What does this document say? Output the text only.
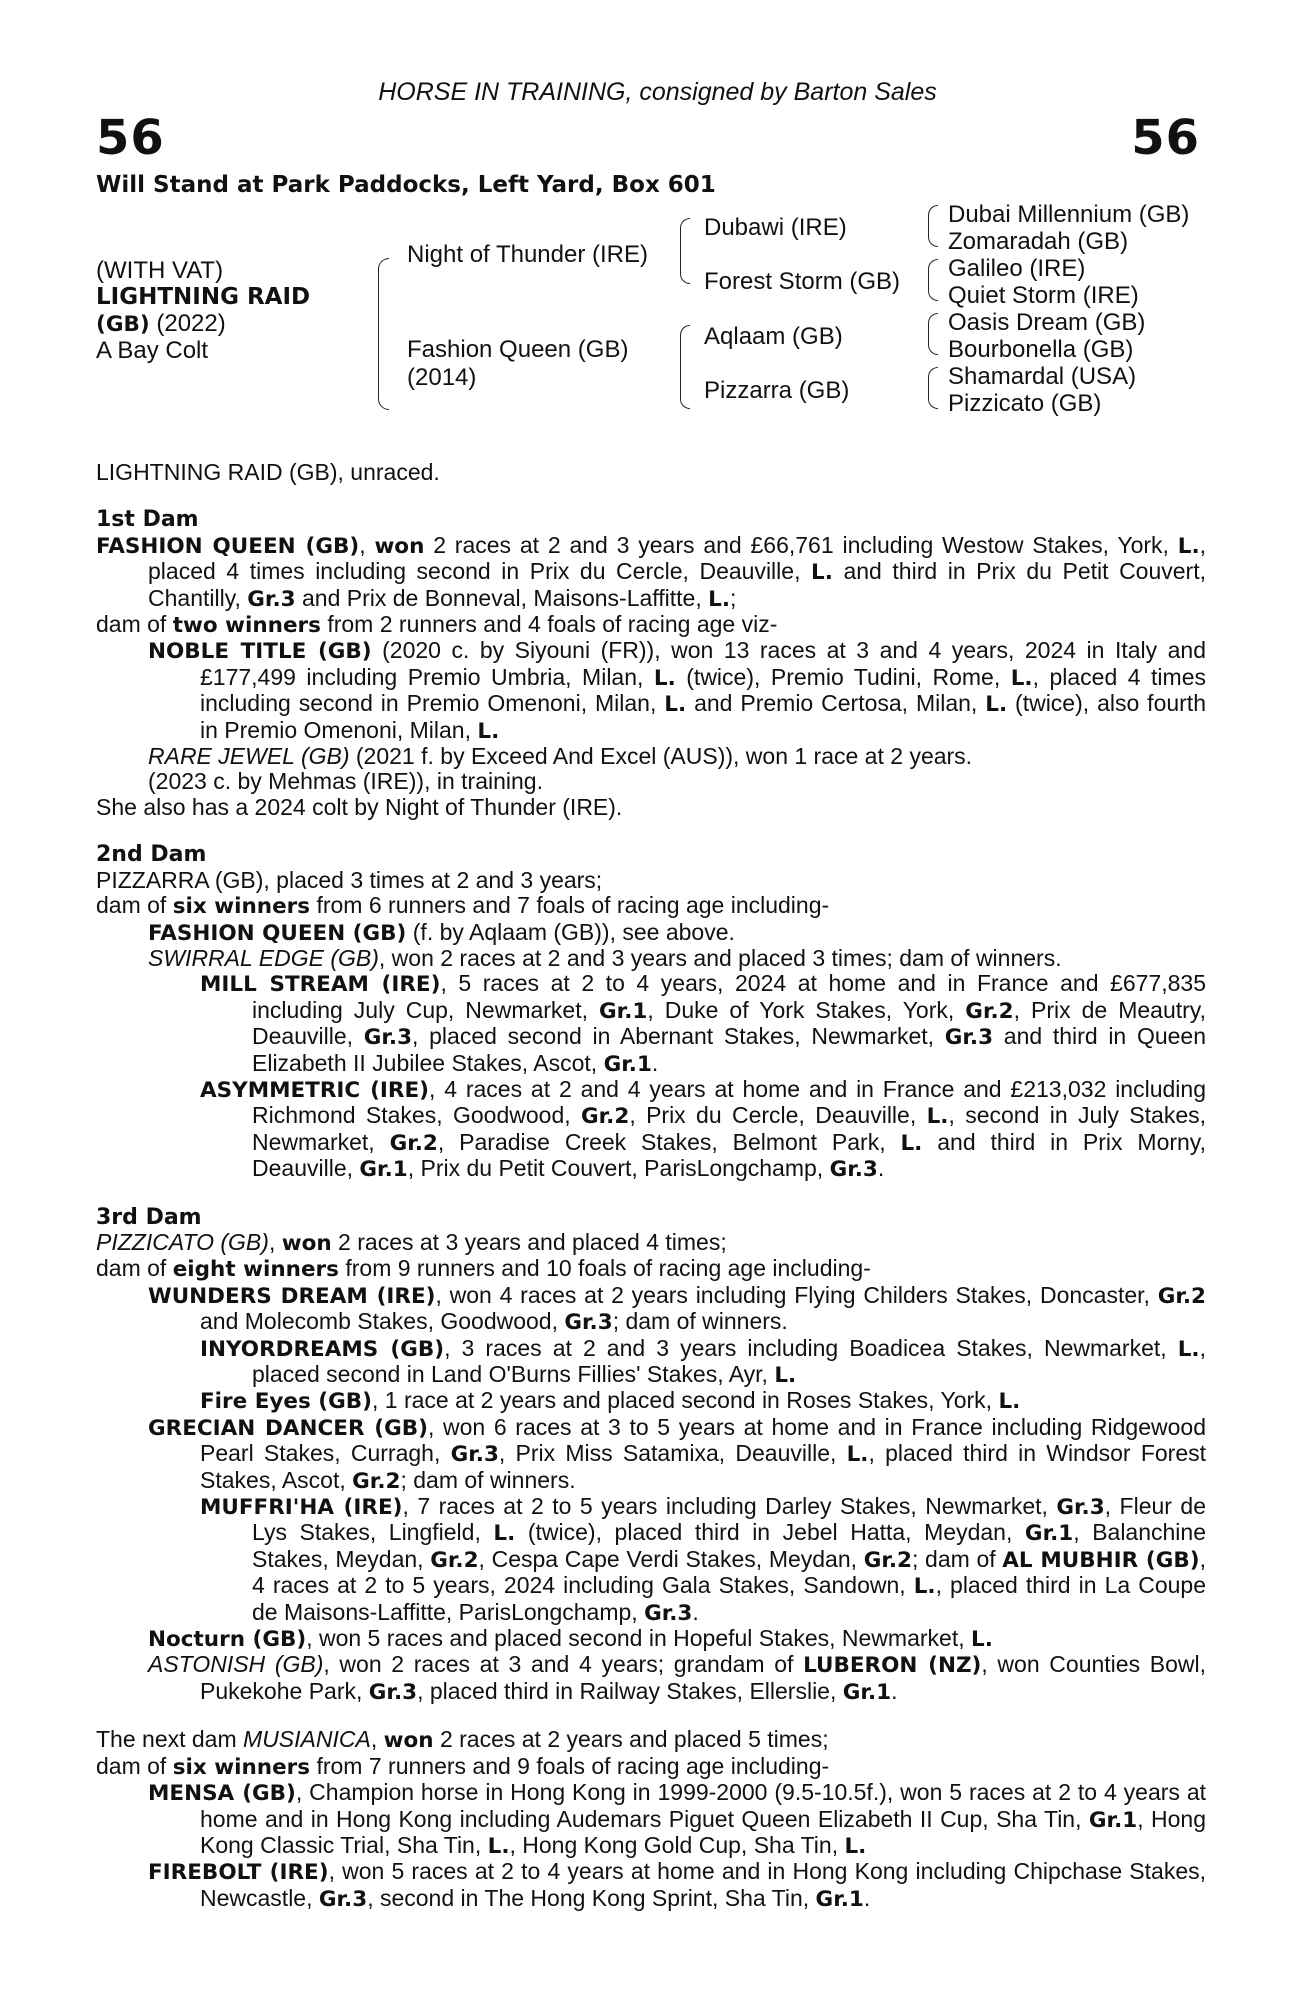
HORSE IN TRAINING, consigned by Barton Sales
56	56
Will Stand at Park Paddocks, Left Yard, Box 601
(WITH VAT)
LIGHTNING RAID
(GB) (2022)
A Bay Colt
Night of Thunder (IRE)
Fashion Queen (GB)
(2014)
Dubawi (IRE)
Forest Storm (GB)
Aqlaam (GB)
Pizzarra (GB)
Dubai Millennium (GB)
Zomaradah (GB)
Galileo (IRE)
Quiet Storm (IRE)
Oasis Dream (GB)
Bourbonella (GB)
Shamardal (USA)
Pizzicato (GB)

LIGHTNING RAID (GB), unraced.

1st Dam

FASHION QUEEN (GB), won 2 races at 2 and 3 years and £66,761 including Westow Stakes, York, L., placed 4 times including second in Prix du Cercle, Deauville, L. and third in Prix du Petit Couvert, Chantilly, Gr.3 and Prix de Bonneval, Maisons-Laffitte, L.;

dam of two winners from 2 runners and 4 foals of racing age viz-

NOBLE TITLE (GB) (2020 c. by Siyouni (FR)), won 13 races at 3 and 4 years, 2024 in Italy and £177,499 including Premio Umbria, Milan, L. (twice), Premio Tudini, Rome, L., placed 4 times including second in Premio Omenoni, Milan, L. and Premio Certosa, Milan, L. (twice), also fourth in Premio Omenoni, Milan, L.

RARE JEWEL (GB) (2021 f. by Exceed And Excel (AUS)), won 1 race at 2 years.

(2023 c. by Mehmas (IRE)), in training.

She also has a 2024 colt by Night of Thunder (IRE).

2nd Dam

PIZZARRA (GB), placed 3 times at 2 and 3 years;

dam of six winners from 6 runners and 7 foals of racing age including-

FASHION QUEEN (GB) (f. by Aqlaam (GB)), see above.

SWIRRAL EDGE (GB), won 2 races at 2 and 3 years and placed 3 times; dam of winners.

MILL STREAM (IRE), 5 races at 2 to 4 years, 2024 at home and in France and £677,835 including July Cup, Newmarket, Gr.1, Duke of York Stakes, York, Gr.2, Prix de Meautry, Deauville, Gr.3, placed second in Abernant Stakes, Newmarket, Gr.3 and third in Queen Elizabeth II Jubilee Stakes, Ascot, Gr.1.

ASYMMETRIC (IRE), 4 races at 2 and 4 years at home and in France and £213,032 including Richmond Stakes, Goodwood, Gr.2, Prix du Cercle, Deauville, L., second in July Stakes, Newmarket, Gr.2, Paradise Creek Stakes, Belmont Park, L. and third in Prix Morny, Deauville, Gr.1, Prix du Petit Couvert, ParisLongchamp, Gr.3.

3rd Dam

PIZZICATO (GB), won 2 races at 3 years and placed 4 times;

dam of eight winners from 9 runners and 10 foals of racing age including-

WUNDERS DREAM (IRE), won 4 races at 2 years including Flying Childers Stakes, Doncaster, Gr.2 and Molecomb Stakes, Goodwood, Gr.3; dam of winners.

INYORDREAMS (GB), 3 races at 2 and 3 years including Boadicea Stakes, Newmarket, L., placed second in Land O'Burns Fillies' Stakes, Ayr, L.

Fire Eyes (GB), 1 race at 2 years and placed second in Roses Stakes, York, L.

GRECIAN DANCER (GB), won 6 races at 3 to 5 years at home and in France including Ridgewood Pearl Stakes, Curragh, Gr.3, Prix Miss Satamixa, Deauville, L., placed third in Windsor Forest Stakes, Ascot, Gr.2; dam of winners.

MUFFRI'HA (IRE), 7 races at 2 to 5 years including Darley Stakes, Newmarket, Gr.3, Fleur de Lys Stakes, Lingfield, L. (twice), placed third in Jebel Hatta, Meydan, Gr.1, Balanchine Stakes, Meydan, Gr.2, Cespa Cape Verdi Stakes, Meydan, Gr.2; dam of AL MUBHIR (GB), 4 races at 2 to 5 years, 2024 including Gala Stakes, Sandown, L., placed third in La Coupe de Maisons-Laffitte, ParisLongchamp, Gr.3.

Nocturn (GB), won 5 races and placed second in Hopeful Stakes, Newmarket, L.

ASTONISH (GB), won 2 races at 3 and 4 years; grandam of LUBERON (NZ), won Counties Bowl, Pukekohe Park, Gr.3, placed third in Railway Stakes, Ellerslie, Gr.1.

The next dam MUSIANICA, won 2 races at 2 years and placed 5 times;

dam of six winners from 7 runners and 9 foals of racing age including-

MENSA (GB), Champion horse in Hong Kong in 1999-2000 (9.5-10.5f.), won 5 races at 2 to 4 years at home and in Hong Kong including Audemars Piguet Queen Elizabeth II Cup, Sha Tin, Gr.1, Hong Kong Classic Trial, Sha Tin, L., Hong Kong Gold Cup, Sha Tin, L.

FIREBOLT (IRE), won 5 races at 2 to 4 years at home and in Hong Kong including Chipchase Stakes, Newcastle, Gr.3, second in The Hong Kong Sprint, Sha Tin, Gr.1.
